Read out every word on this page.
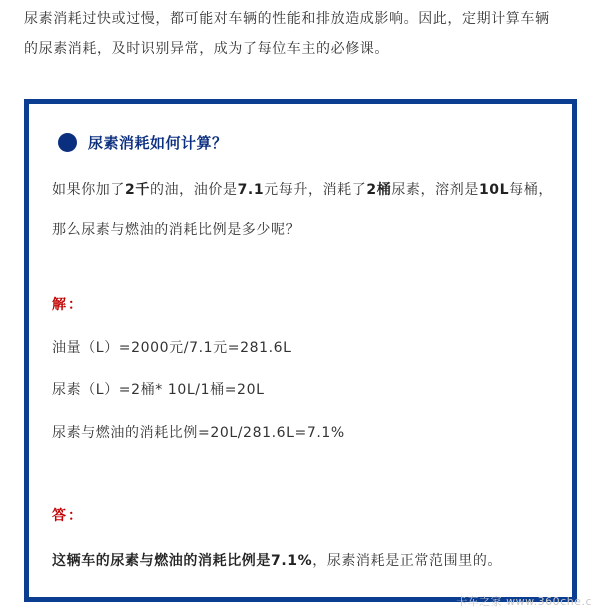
尿素消耗过快或过慢，都可能对车辆的性能和排放造成影响。因此，定期计算车辆
的尿素消耗，及时识别异常，成为了每位车主的必修课。
尿素消耗如何计算？
如果你加了2千的油，油价是7.1元每升，消耗了2桶尿素，溶剂是10L每桶，那么尿素与燃油的消耗比例是多少呢？
解：
油量（L）=2000元/7.1元=281.6L
尿素（L）=2桶* 10L/1桶=20L
尿素与燃油的消耗比例=20L/281.6L=7.1%
答：
这辆车的尿素与燃油的消耗比例是7.1%，尿素消耗是正常范围里的。
卡车之家 www.360che.c
